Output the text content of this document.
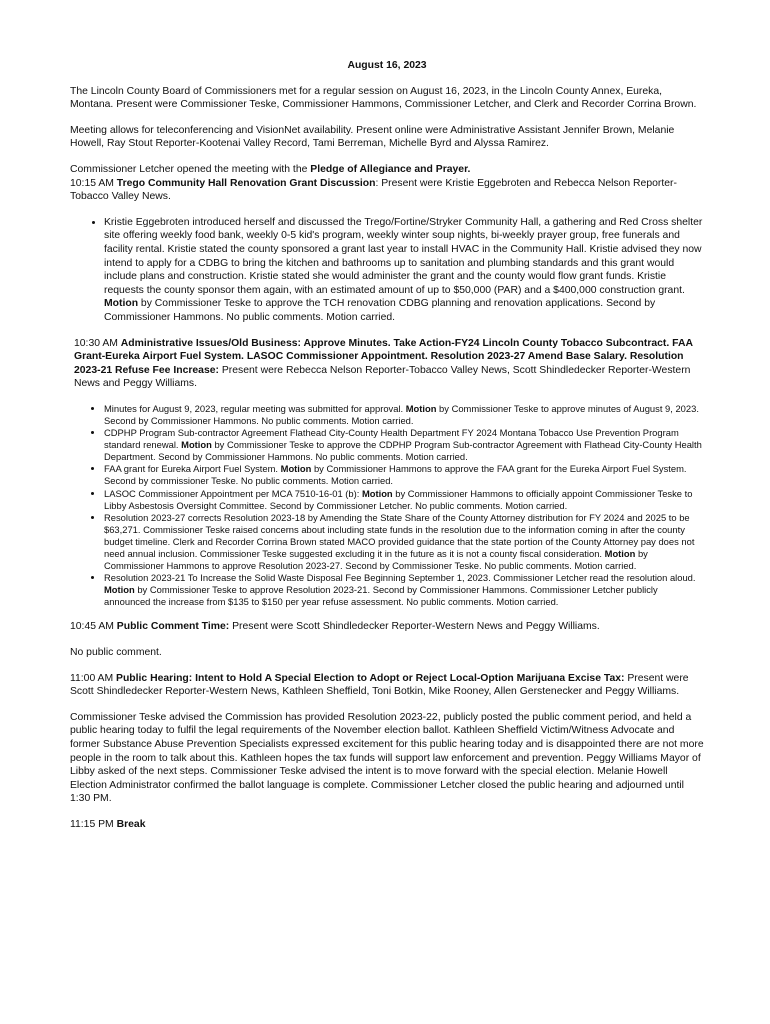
August 16, 2023

The Lincoln County Board of Commissioners met for a regular session on August 16, 2023, in the Lincoln County Annex, Eureka, Montana. Present were Commissioner Teske, Commissioner Hammons, Commissioner Letcher, and Clerk and Recorder Corrina Brown.

Meeting allows for teleconferencing and VisionNet availability. Present online were Administrative Assistant Jennifer Brown, Melanie Howell, Ray Stout Reporter-Kootenai Valley Record, Tami Berreman, Michelle Byrd and Alyssa Ramirez.

Commissioner Letcher opened the meeting with the Pledge of Allegiance and Prayer.
10:15 AM Trego Community Hall Renovation Grant Discussion: Present were Kristie Eggebroten and Rebecca Nelson Reporter-Tobacco Valley News.

• Kristie Eggebroten introduced herself and discussed the Trego/Fortine/Stryker Community Hall, a gathering and Red Cross shelter site offering weekly food bank, weekly 0-5 kid's program, weekly winter soup nights, bi-weekly prayer group, free funerals and facility rental. Kristie stated the county sponsored a grant last year to install HVAC in the Community Hall. Kristie advised they now intend to apply for a CDBG to bring the kitchen and bathrooms up to sanitation and plumbing standards and this grant would include plans and construction. Kristie stated she would administer the grant and the county would flow grant funds. Kristie requests the county sponsor them again, with an estimated amount of up to $50,000 (PAR) and a $400,000 construction grant. Motion by Commissioner Teske to approve the TCH renovation CDBG planning and renovation applications. Second by Commissioner Hammons. No public comments. Motion carried.

10:30 AM Administrative Issues/Old Business: Approve Minutes. Take Action-FY24 Lincoln County Tobacco Subcontract. FAA Grant-Eureka Airport Fuel System. LASOC Commissioner Appointment. Resolution 2023-27 Amend Base Salary. Resolution 2023-21 Refuse Fee Increase: Present were Rebecca Nelson Reporter-Tobacco Valley News, Scott Shindledecker Reporter-Western News and Peggy Williams.

• Minutes for August 9, 2023, regular meeting was submitted for approval. Motion by Commissioner Teske to approve minutes of August 9, 2023. Second by Commissioner Hammons. No public comments. Motion carried.
• CDPHP Program Sub-contractor Agreement Flathead City-County Health Department FY 2024 Montana Tobacco Use Prevention Program standard renewal. Motion by Commissioner Teske to approve the CDPHP Program Sub-contractor Agreement with Flathead City-County Health Department. Second by Commissioner Hammons. No public comments. Motion carried.
• FAA grant for Eureka Airport Fuel System. Motion by Commissioner Hammons to approve the FAA grant for the Eureka Airport Fuel System. Second by commissioner Teske. No public comments. Motion carried.
• LASOC Commissioner Appointment per MCA 7510-16-01 (b): Motion by Commissioner Hammons to officially appoint Commissioner Teske to Libby Asbestosis Oversight Committee. Second by Commissioner Letcher. No public comments. Motion carried.
• Resolution 2023-27 corrects Resolution 2023-18 by Amending the State Share of the County Attorney distribution for FY 2024 and 2025 to be $63,271. Commissioner Teske raised concerns about including state funds in the resolution due to the information coming in after the county budget timeline. Clerk and Recorder Corrina Brown stated MACO provided guidance that the state portion of the County Attorney pay does not need annual inclusion. Commissioner Teske suggested excluding it in the future as it is not a county fiscal consideration. Motion by Commissioner Hammons to approve Resolution 2023-27. Second by Commissioner Teske. No public comments. Motion carried.
• Resolution 2023-21 To Increase the Solid Waste Disposal Fee Beginning September 1, 2023. Commissioner Letcher read the resolution aloud. Motion by Commissioner Teske to approve Resolution 2023-21. Second by Commissioner Hammons. Commissioner Letcher publicly announced the increase from $135 to $150 per year refuse assessment. No public comments. Motion carried.

10:45 AM Public Comment Time: Present were Scott Shindledecker Reporter-Western News and Peggy Williams.

No public comment.

11:00 AM Public Hearing: Intent to Hold A Special Election to Adopt or Reject Local-Option Marijuana Excise Tax: Present were Scott Shindledecker Reporter-Western News, Kathleen Sheffield, Toni Botkin, Mike Rooney, Allen Gerstenecker and Peggy Williams.

Commissioner Teske advised the Commission has provided Resolution 2023-22, publicly posted the public comment period, and held a public hearing today to fulfil the legal requirements of the November election ballot. Kathleen Sheffield Victim/Witness Advocate and former Substance Abuse Prevention Specialists expressed excitement for this public hearing today and is disappointed there are not more people in the room to talk about this. Kathleen hopes the tax funds will support law enforcement and prevention. Peggy Williams Mayor of Libby asked of the next steps. Commissioner Teske advised the intent is to move forward with the special election. Melanie Howell Election Administrator confirmed the ballot language is complete. Commissioner Letcher closed the public hearing and adjourned until 1:30 PM.

11:15 PM Break
